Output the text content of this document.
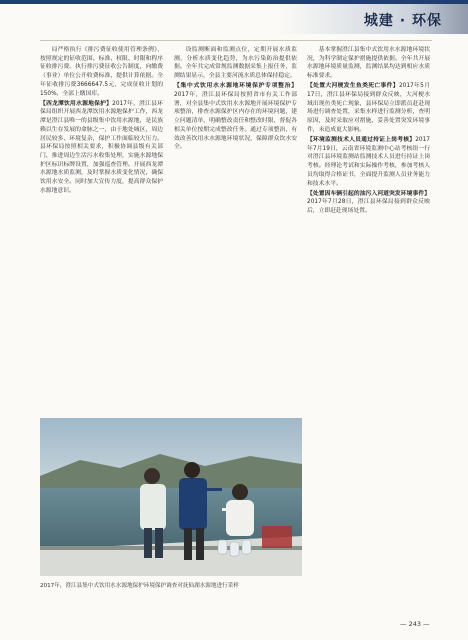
城建 · 环保

局严格执行《排污费征收使用管理条例》，按照规定的征收范围、标准、权限、时限和程序征收排污费。执行排污费征收公告制度，向缴费（事业）单位公开收费标准，提供计算依据。全年征收排污费3666647.5元，完成征收计划的150%，全部上缴国库。

【西龙潭饮用水源地保护】2017年，澄江县环保局组织开展西龙潭饮用水源地保护工作，西龙潭是澄江县唯一的县级集中饮用水源地，是民族赖以生存发展的命脉之一，由于地处城区，周边居民较多、环境复杂，保护工作面临较大压力。县环保局按照相关要求，积极协调县级有关部门，推进周边生活污水收集处理，实施水源地保护区标识标牌设置，加强巡查管理。开展西龙潭水源地水质监测，及时掌握水质变化情况，确保饮用水安全。同时加大宣传力度，提高群众保护水源地意识。

设监测断面和监测点位，定期开展水质监测，分析水质变化趋势，为水污染防治提供依据。全年共完成常规监测数据采集上报任务，监测结果显示，全县主要河流水质总体保持稳定。

【集中式饮用水水源地环境保护专项整治】2017年，澄江县环保局按照省市有关工作部署，对全县集中式饮用水水源地开展环境保护专项整治，排查水源保护区内存在的环境问题，建立问题清单，明确整改责任和整改时限，督促各相关单位按期完成整改任务。通过专项整治，有效改善饮用水水源地环境状况，保障群众饮水安全。

基本掌握澄江县集中式饮用水水源地环境状况，为科学制定保护措施提供依据。全年共开展水源地环境质量监测，监测结果均达到相应水质标准要求。

【处置大河梗发生鱼类死亡事件】2017年5月17日，澄江县环保局接到群众反映，大河梗水域出现鱼类死亡现象，县环保局立即派员赶赴现场进行调查处置，采集水样进行监测分析，查明原因，及时采取应对措施，妥善处置突发环境事件，未造成更大影响。

【环境监测技术人员通过持证上岗考核】2017年7月19日，云南省环境监测中心站考核组一行对澄江县环境监测站监测技术人员进行持证上岗考核。经理论考试和实际操作考核，参加考核人员均取得合格证书，全面提升监测人员业务能力和技术水平。

【处置因车辆引起的油污入河道突发环境事件】2017年7月28日，澄江县环保局接到群众反映后，立即赶赴现场处置。

2017年，澄江县集中式饮用水水源地保护环境保护调查对抚仙湖水源地进行采样
— 243 —
